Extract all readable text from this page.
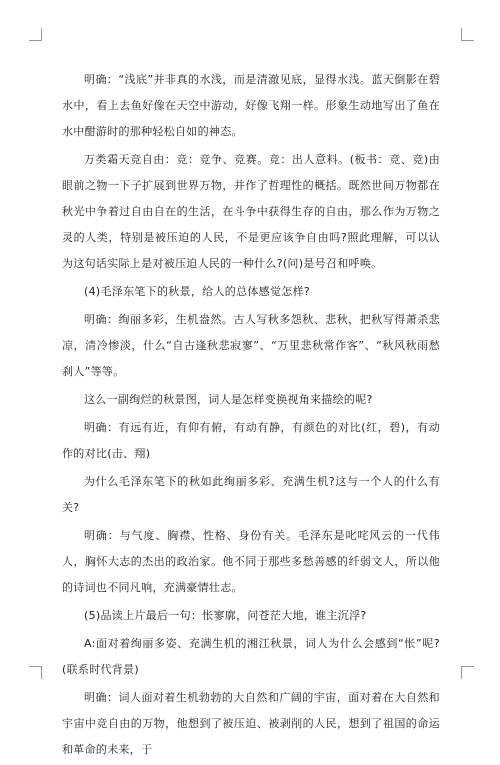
明确：“浅底”并非真的水浅，而是清澈见底，显得水浅。蓝天倒影在碧水中，看上去鱼好像在天空中游动，好像飞翔一样。形象生动地写出了鱼在水中酣游时的那种轻松自如的神态。

万类霜天竞自由：竞：竞争、竞赛。竞：出人意料。(板书：竞、竞)由眼前之物一下子扩展到世界万物，并作了哲理性的概括。既然世间万物都在秋光中争着过自由自在的生活，在斗争中获得生存的自由，那么作为万物之灵的人类，特别是被压迫的人民，不是更应该争自由吗?照此理解，可以认为这句话实际上是对被压迫人民的一种什么?(问)是号召和呼唤。

(4)毛泽东笔下的秋景，给人的总体感觉怎样?

明确：绚丽多彩，生机盎然。古人写秋多怨秋、悲秋，把秋写得萧杀悲凉，清冷惨淡，什么“自古逢秋悲寂寥”、“万里悲秋常作客”、“秋风秋雨愁刹人”等等。

这么一副绚烂的秋景图，词人是怎样变换视角来描绘的呢?

明确：有远有近，有仰有俯，有动有静，有颜色的对比(红，碧)，有动作的对比(击、翔)

为什么毛泽东笔下的秋如此绚丽多彩、充满生机?这与一个人的什么有关?

明确：与气度、胸襟、性格、身份有关。毛泽东是叱咤风云的一代伟人，胸怀大志的杰出的政治家。他不同于那些多愁善感的纤弱文人，所以他的诗词也不同凡响，充满豪情壮志。

(5)品读上片最后一句：怅寥廓，问苍茫大地，谁主沉浮?

A:面对着绚丽多姿、充满生机的湘江秋景，词人为什么会感到“怅”呢?(联系时代背景)

明确：词人面对着生机勃勃的大自然和广阔的宇宙，面对着在大自然和宇宙中竞自由的万物，他想到了被压迫、被剥削的人民，想到了祖国的命运和革命的未来，于
